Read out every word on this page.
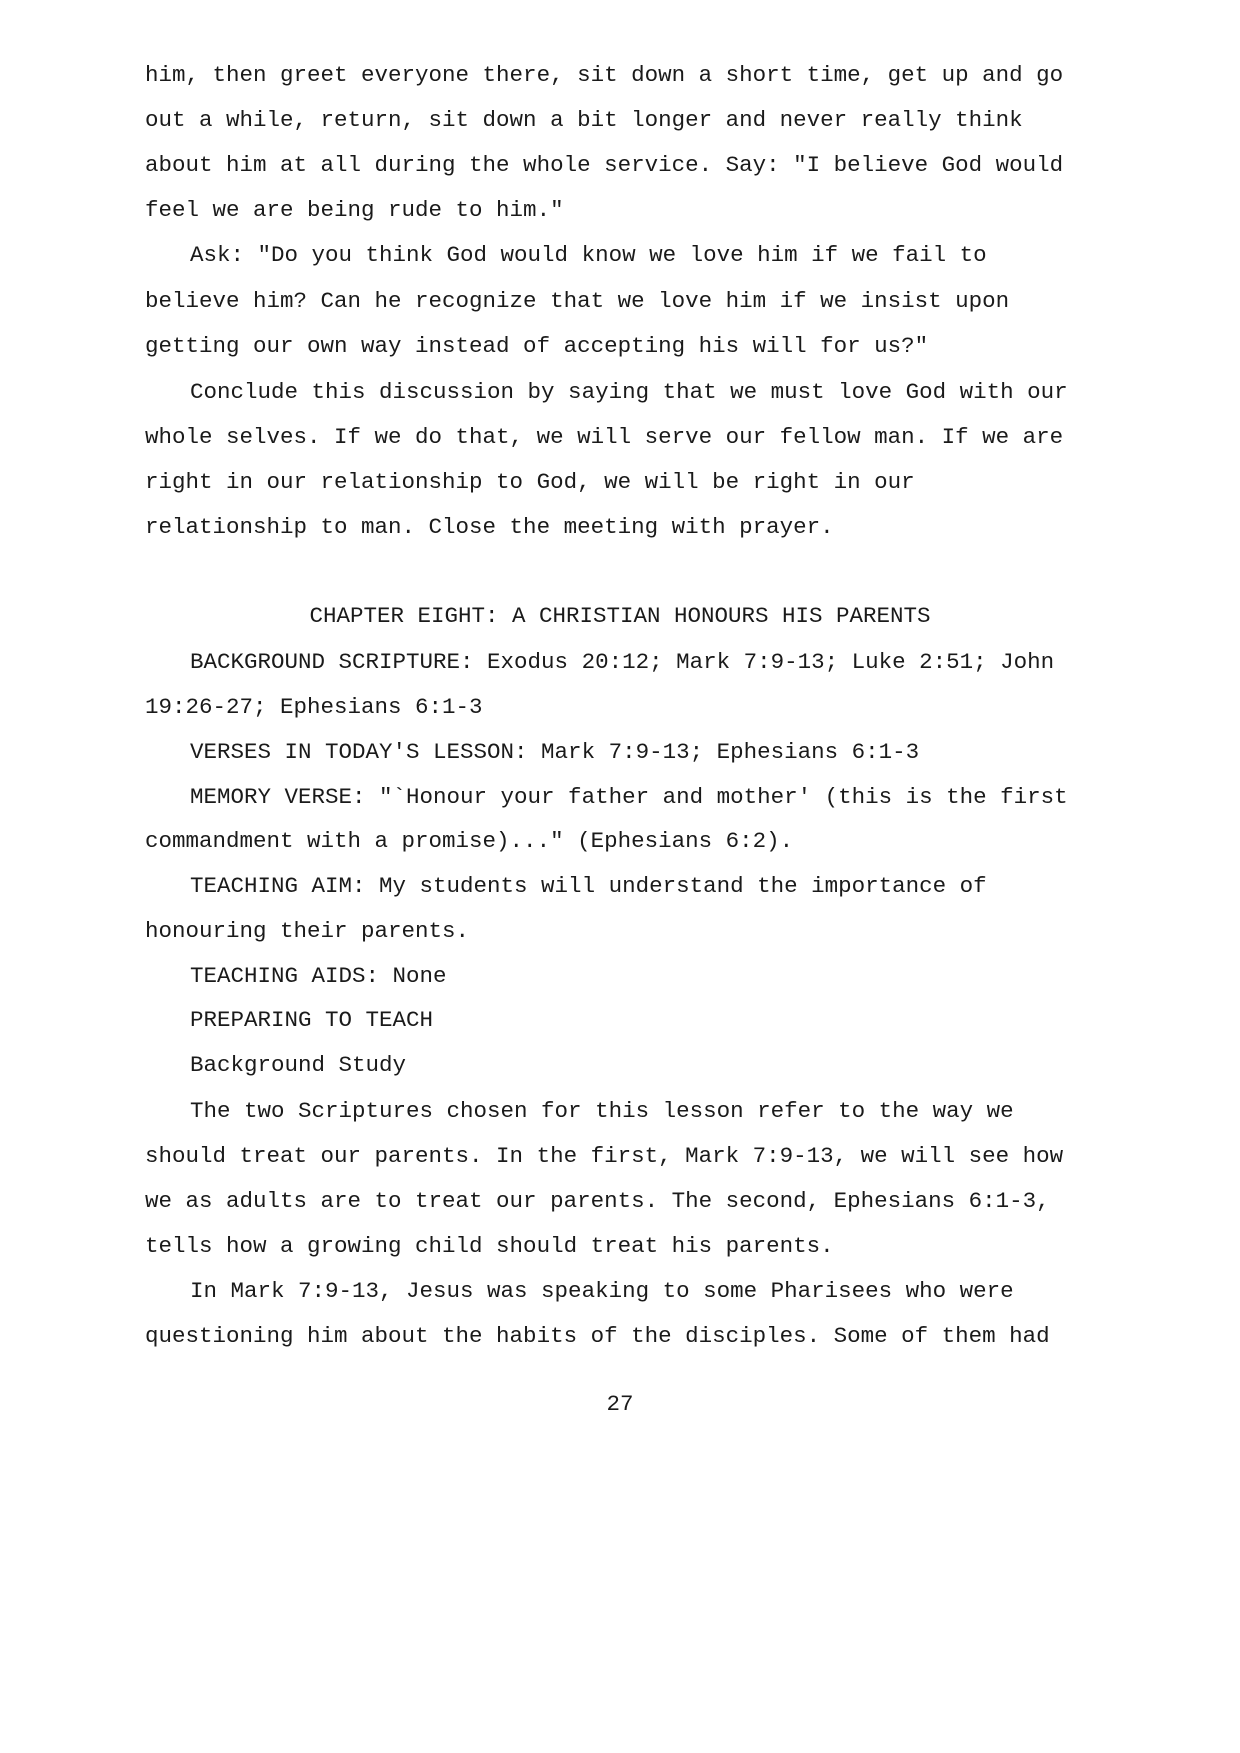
him, then greet everyone there, sit down a short time, get up and go

out a while, return, sit down a bit longer and never really think

about him at all during the whole service. Say: "I believe God would

feel we are being rude to him."

Ask: "Do you think God would know we love him if we fail to

believe him? Can he recognize that we love him if we insist upon

getting our own way instead of accepting his will for us?"

Conclude this discussion by saying that we must love God with our

whole selves. If we do that, we will serve our fellow man. If we are

right in our relationship to God, we will be right in our

relationship to man. Close the meeting with prayer.

CHAPTER EIGHT: A CHRISTIAN HONOURS HIS PARENTS

BACKGROUND SCRIPTURE: Exodus 20:12; Mark 7:9-13; Luke 2:51; John

19:26-27; Ephesians 6:1-3

VERSES IN TODAY'S LESSON: Mark 7:9-13; Ephesians 6:1-3

MEMORY VERSE: "`Honour your father and mother' (this is the first

commandment with a promise)..." (Ephesians 6:2).

TEACHING AIM: My students will understand the importance of

honouring their parents.

TEACHING AIDS: None

PREPARING TO TEACH

Background Study

The two Scriptures chosen for this lesson refer to the way we

should treat our parents. In the first, Mark 7:9-13, we will see how

we as adults are to treat our parents. The second, Ephesians 6:1-3,

tells how a growing child should treat his parents.

In Mark 7:9-13, Jesus was speaking to some Pharisees who were

questioning him about the habits of the disciples. Some of them had

27
